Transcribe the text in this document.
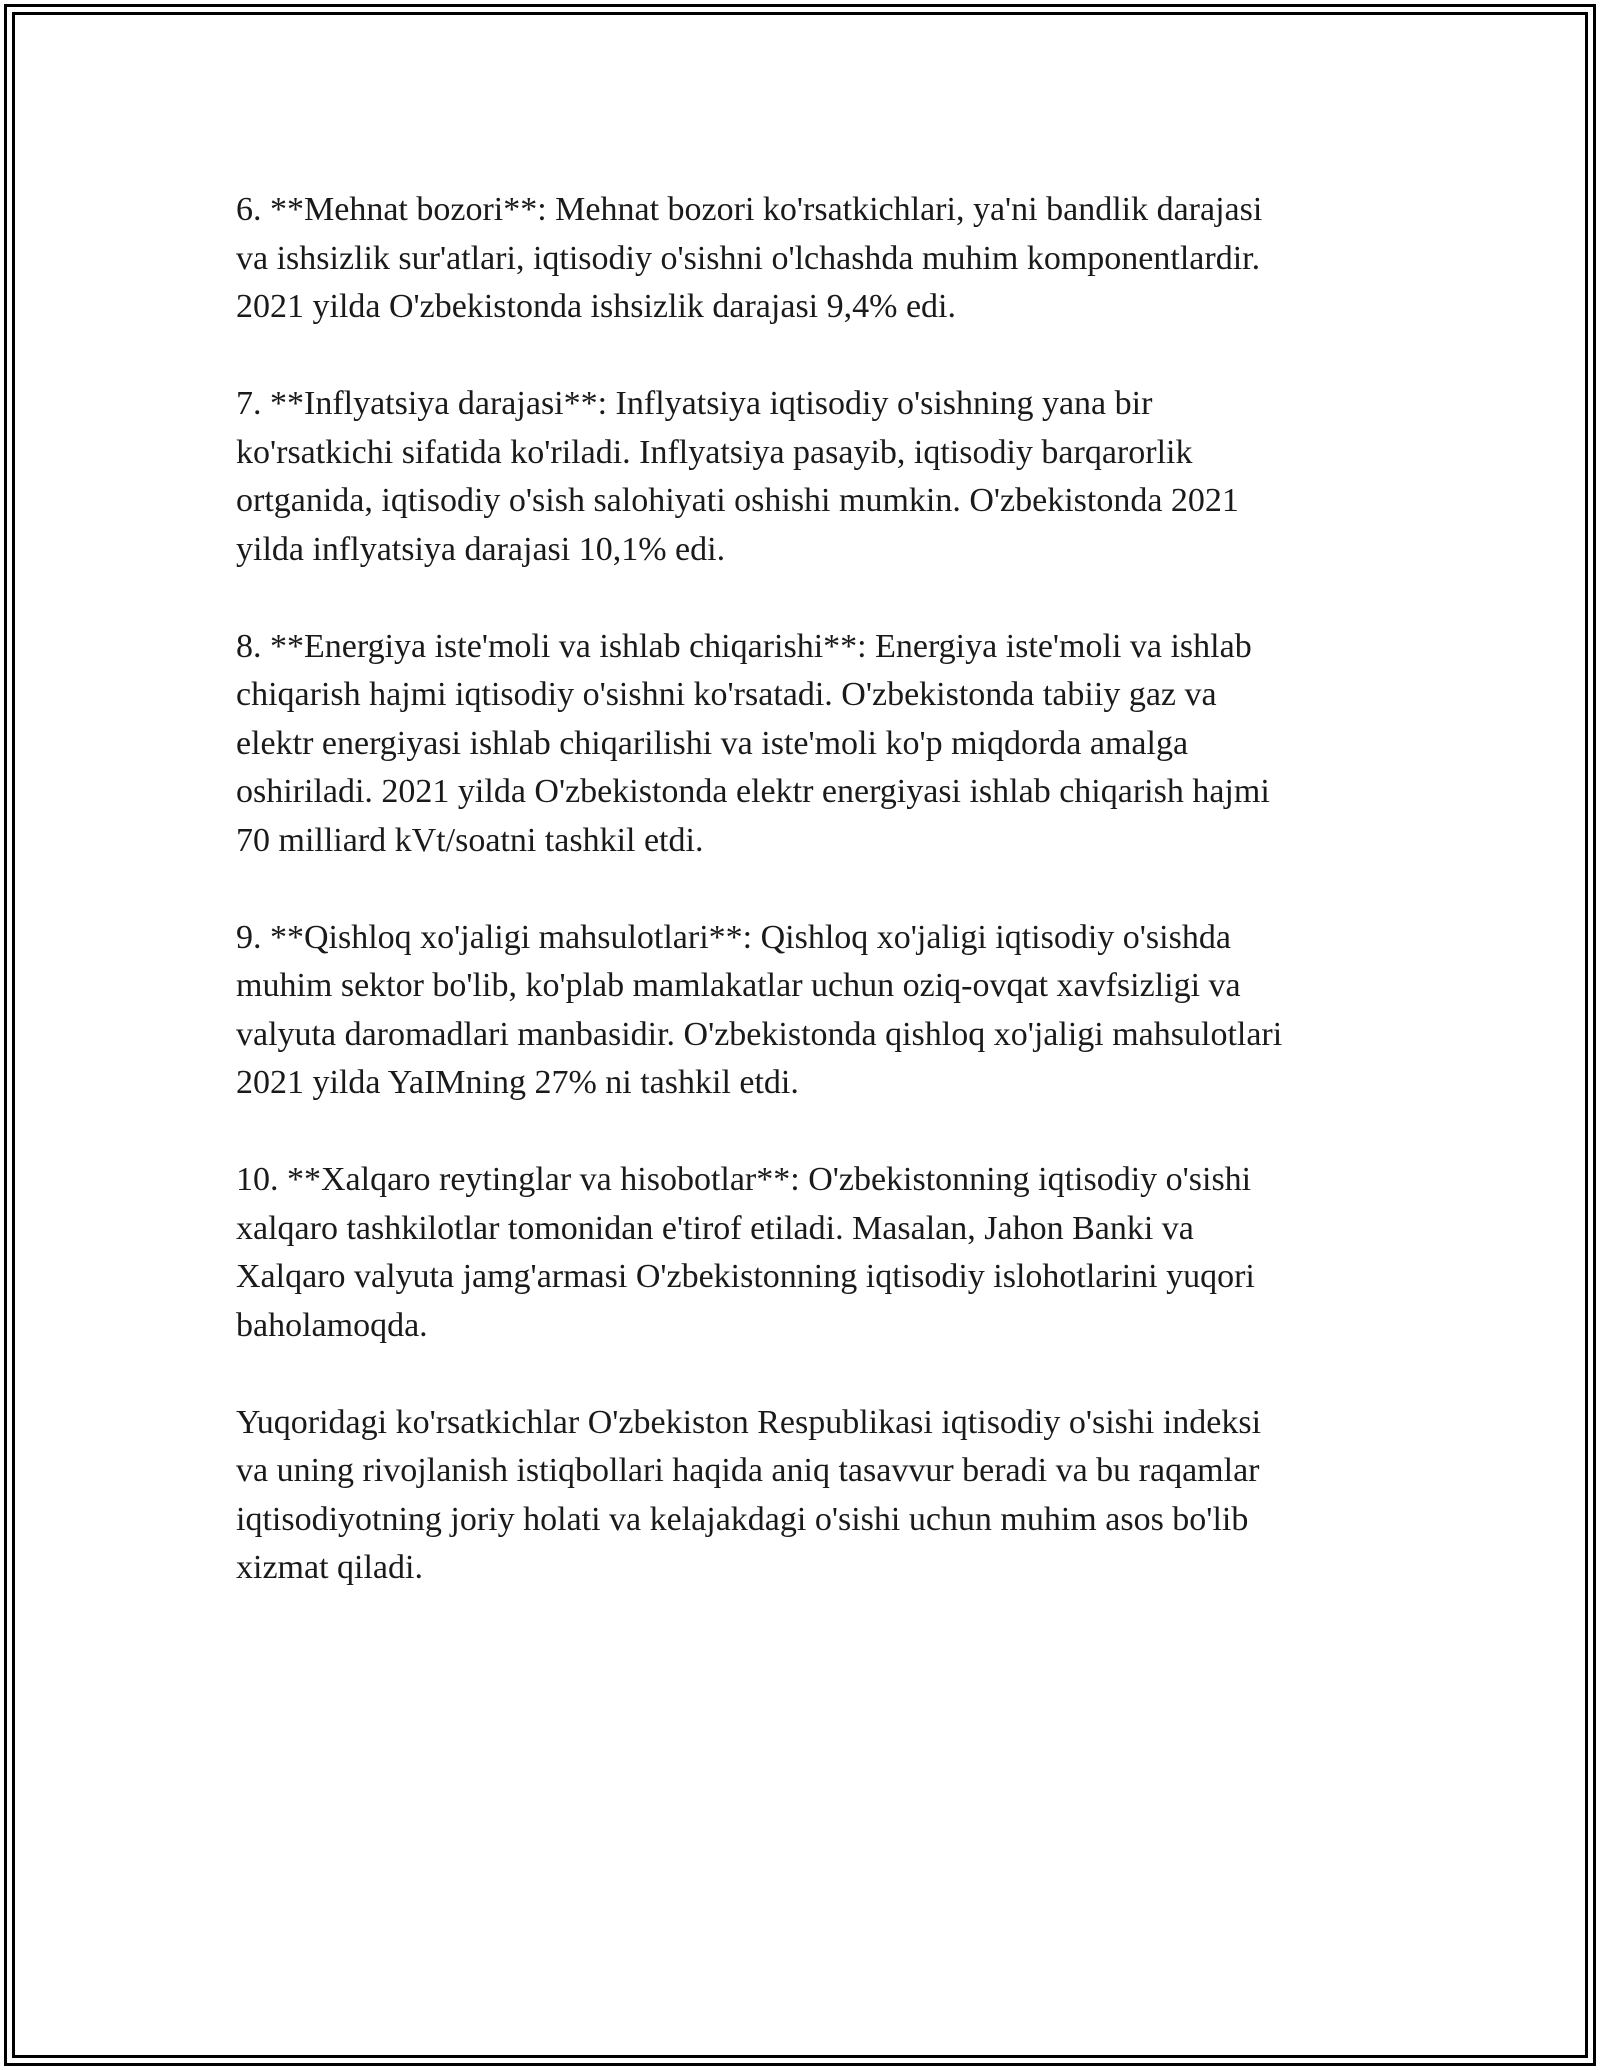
6. **Mehnat bozori**: Mehnat bozori ko'rsatkichlari, ya'ni bandlik darajasi
va ishsizlik sur'atlari, iqtisodiy o'sishni o'lchashda muhim komponentlardir.
2021 yilda O'zbekistonda ishsizlik darajasi 9,4% edi.

7. **Inflyatsiya darajasi**: Inflyatsiya iqtisodiy o'sishning yana bir
ko'rsatkichi sifatida ko'riladi. Inflyatsiya pasayib, iqtisodiy barqarorlik
ortganida, iqtisodiy o'sish salohiyati oshishi mumkin. O'zbekistonda 2021
yilda inflyatsiya darajasi 10,1% edi.

8. **Energiya iste'moli va ishlab chiqarishi**: Energiya iste'moli va ishlab
chiqarish hajmi iqtisodiy o'sishni ko'rsatadi. O'zbekistonda tabiiy gaz va
elektr energiyasi ishlab chiqarilishi va iste'moli ko'p miqdorda amalga
oshiriladi. 2021 yilda O'zbekistonda elektr energiyasi ishlab chiqarish hajmi
70 milliard kVt/soatni tashkil etdi.

9. **Qishloq xo'jaligi mahsulotlari**: Qishloq xo'jaligi iqtisodiy o'sishda
muhim sektor bo'lib, ko'plab mamlakatlar uchun oziq-ovqat xavfsizligi va
valyuta daromadlari manbasidir. O'zbekistonda qishloq xo'jaligi mahsulotlari
2021 yilda YaIMning 27% ni tashkil etdi.

10. **Xalqaro reytinglar va hisobotlar**: O'zbekistonning iqtisodiy o'sishi
xalqaro tashkilotlar tomonidan e'tirof etiladi. Masalan, Jahon Banki va
Xalqaro valyuta jamg'armasi O'zbekistonning iqtisodiy islohotlarini yuqori
baholamoqda.

Yuqoridagi ko'rsatkichlar O'zbekiston Respublikasi iqtisodiy o'sishi indeksi
va uning rivojlanish istiqbollari haqida aniq tasavvur beradi va bu raqamlar
iqtisodiyotning joriy holati va kelajakdagi o'sishi uchun muhim asos bo'lib
xizmat qiladi.
